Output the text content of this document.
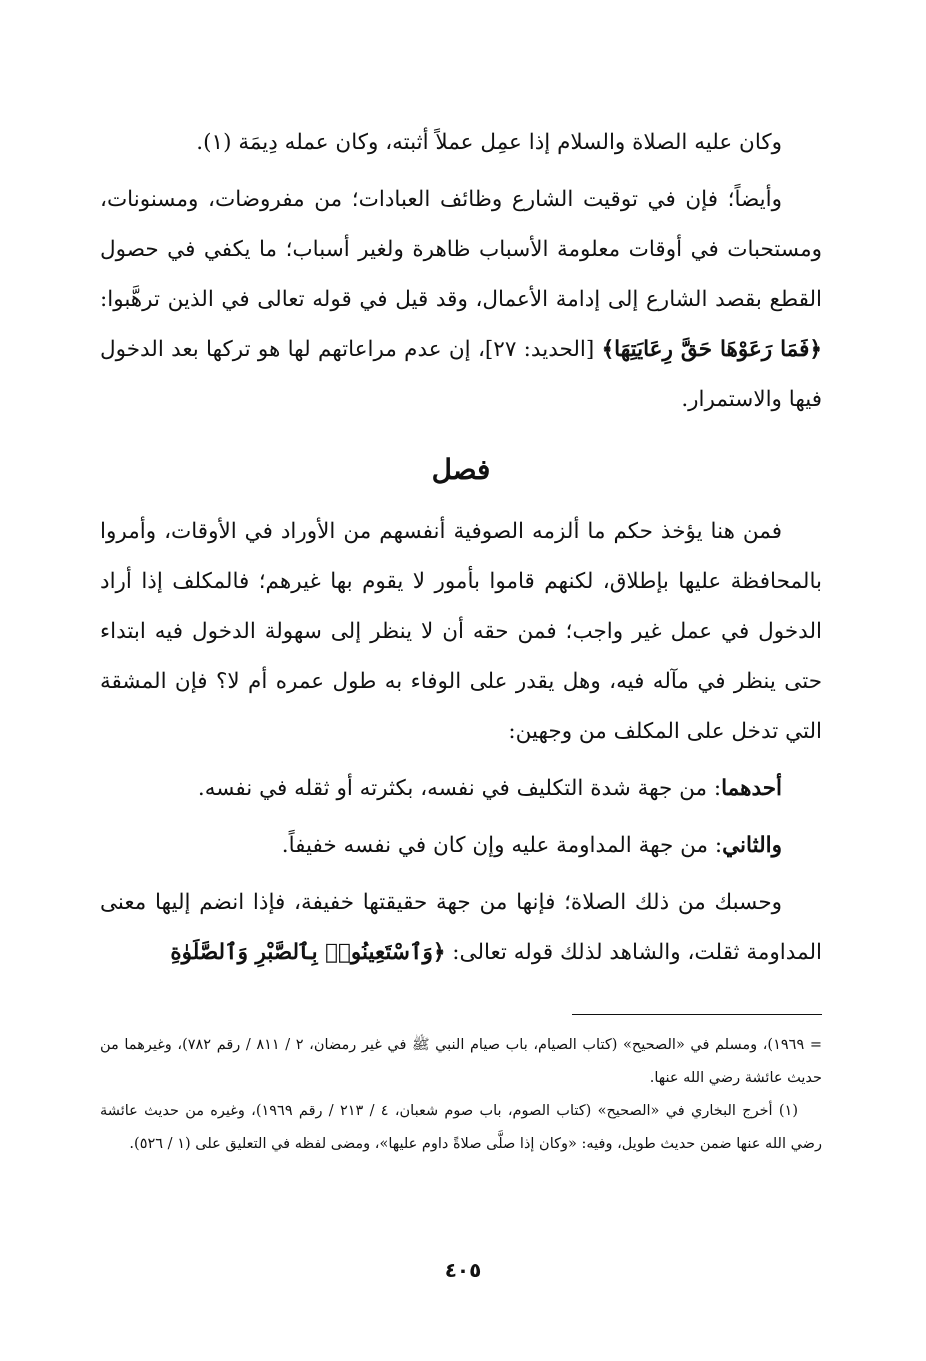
وكان عليه الصلاة والسلام إذا عمِل عملاً أثبته، وكان عمله دِيمَة (١).

وأيضاً؛ فإن في توقيت الشارع وظائف العبادات؛ من مفروضات، ومسنونات، ومستحبات في أوقات معلومة الأسباب ظاهرة ولغير أسباب؛ ما يكفي في حصول القطع بقصد الشارع إلى إدامة الأعمال، وقد قيل في قوله تعالى في الذين ترهَّبوا: ﴿فَمَا رَعَوْهَا حَقَّ رِعَايَتِهَا﴾ [الحديد: ٢٧]، إن عدم مراعاتهم لها هو تركها بعد الدخول فيها والاستمرار.

فصل

فمن هنا يؤخذ حكم ما ألزمه الصوفية أنفسهم من الأوراد في الأوقات، وأمروا بالمحافظة عليها بإطلاق، لكنهم قاموا بأمور لا يقوم بها غيرهم؛ فالمكلف إذا أراد الدخول في عمل غير واجب؛ فمن حقه أن لا ينظر إلى سهولة الدخول فيه ابتداء حتى ينظر في مآله فيه، وهل يقدر على الوفاء به طول عمره أم لا؟ فإن المشقة التي تدخل على المكلف من وجهين:

أحدهما: من جهة شدة التكليف في نفسه، بكثرته أو ثقله في نفسه.

والثاني: من جهة المداومة عليه وإن كان في نفسه خفيفاً.

وحسبك من ذلك الصلاة؛ فإنها من جهة حقيقتها خفيفة، فإذا انضم إليها معنى المداومة ثقلت، والشاهد لذلك قوله تعالى: ﴿وَٱسْتَعِينُوا۟ بِٱلصَّبْرِ وَٱلصَّلَوٰةِ

= ١٩٦٩)، ومسلم في «الصحيح» (كتاب الصيام، باب صيام النبي ﷺ في غير رمضان، ٢ / ٨١١ / رقم ٧٨٢)، وغيرهما من حديث عائشة رضي الله عنها.

(١) أخرج البخاري في «الصحيح» (كتاب الصوم، باب صوم شعبان، ٤ / ٢١٣ / رقم ١٩٦٩)، وغيره من حديث عائشة رضي الله عنها ضمن حديث طويل، وفيه: «وكان إذا صلَّى صلاةً داوم عليها»، ومضى لفظه في التعليق على (١ / ٥٢٦).

٤٠٥
